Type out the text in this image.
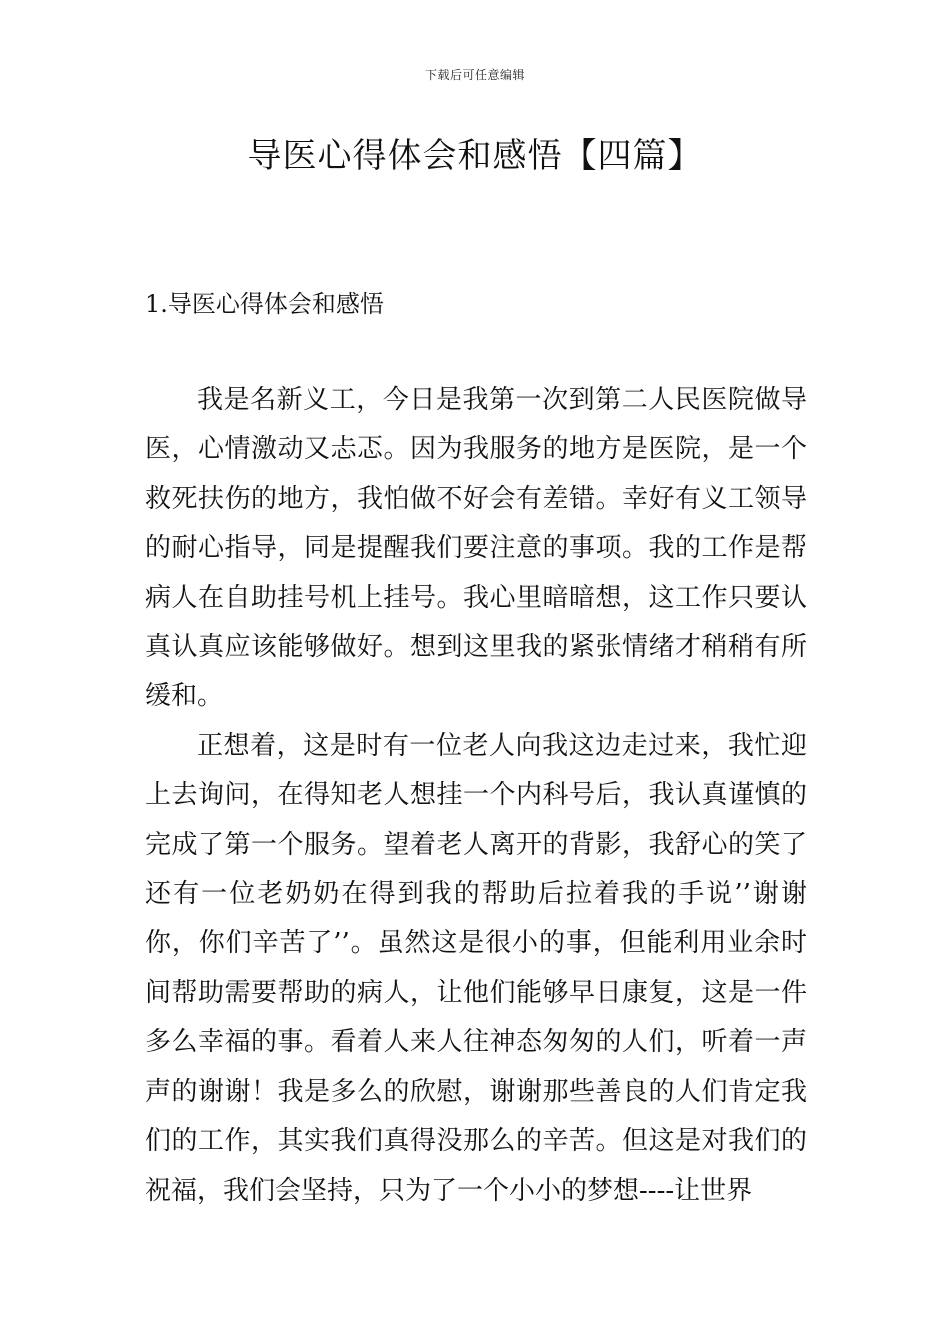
下载后可任意编辑
导医心得体会和感悟【四篇】
1.导医心得体会和感悟

我是名新义工，今日是我第一次到第二人民医院做导医，心情激动又忐忑。因为我服务的地方是医院，是一个救死扶伤的地方，我怕做不好会有差错。幸好有义工领导的耐心指导，同是提醒我们要注意的事项。我的工作是帮病人在自助挂号机上挂号。我心里暗暗想，这工作只要认真认真应该能够做好。想到这里我的紧张情绪才稍稍有所缓和。

正想着，这是时有一位老人向我这边走过来，我忙迎上去询问，在得知老人想挂一个内科号后，我认真谨慎的完成了第一个服务。望着老人离开的背影，我舒心的笑了还有一位老奶奶在得到我的帮助后拉着我的手说’’谢谢你，你们辛苦了’’。虽然这是很小的事，但能利用业余时间帮助需要帮助的病人，让他们能够早日康复，这是一件多么幸福的事。看着人来人往神态匆匆的人们，听着一声声的谢谢！我是多么的欣慰，谢谢那些善良的人们肯定我们的工作，其实我们真得没那么的辛苦。但这是对我们的祝福，我们会坚持，只为了一个小小的梦想----让世界
